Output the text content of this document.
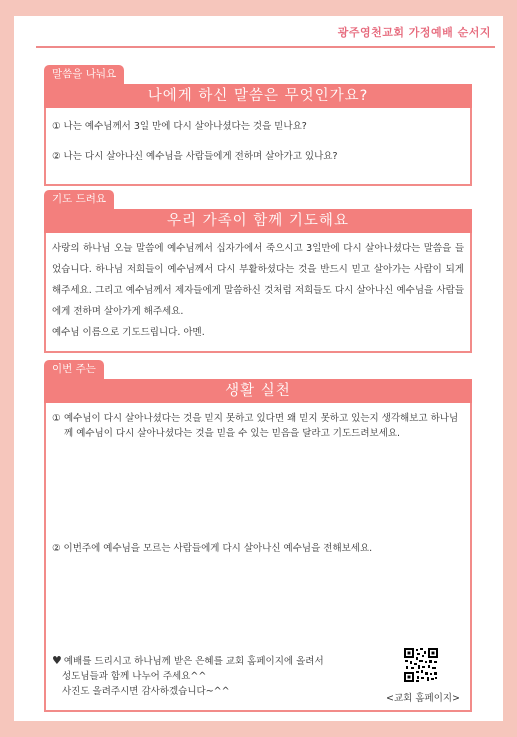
광주영천교회 가정예배 순서지
말씀을 나눠요
나에게 하신 말씀은 무엇인가요?
① 나는 예수님께서 3일 만에 다시 살아나셨다는 것을 믿나요?
② 나는 다시 살아나신 예수님을 사람들에게 전하며 살아가고 있나요?
기도 드려요
우리 가족이 함께 기도해요

사랑의 하나님 오늘 말씀에 예수님께서 십자가에서 죽으시고 3일만에 다시 살아나셨다는 말씀을 들었습니다. 하나님 저희들이 예수님께서 다시 부활하셨다는 것을 반드시 믿고 살아가는 사람이 되게 해주세요. 그리고 예수님께서 제자들에게 말씀하신 것처럼 저희들도 다시 살아나신 예수님을 사람들에게 전하며 살아가게 해주세요.

예수님 이름으로 기도드립니다. 아멘.

이번 주는
생활 실천
① 예수님이 다시 살아나셨다는 것을 믿지 못하고 있다면 왜 믿지 못하고 있는지 생각해보고 하나님께 예수님이 다시 살아나셨다는 것을 믿을 수 있는 믿음을 달라고 기도드려보세요.
② 이번주에 예수님을 모르는 사람들에게 다시 살아나신 예수님을 전해보세요.
♥ 예배를 드리시고 하나님께 받은 은혜를 교회 홈페이지에 올려서
성도님들과 함께 나누어 주세요^^
사진도 올려주시면 감사하겠습니다~^^
<교회 홈페이지>
